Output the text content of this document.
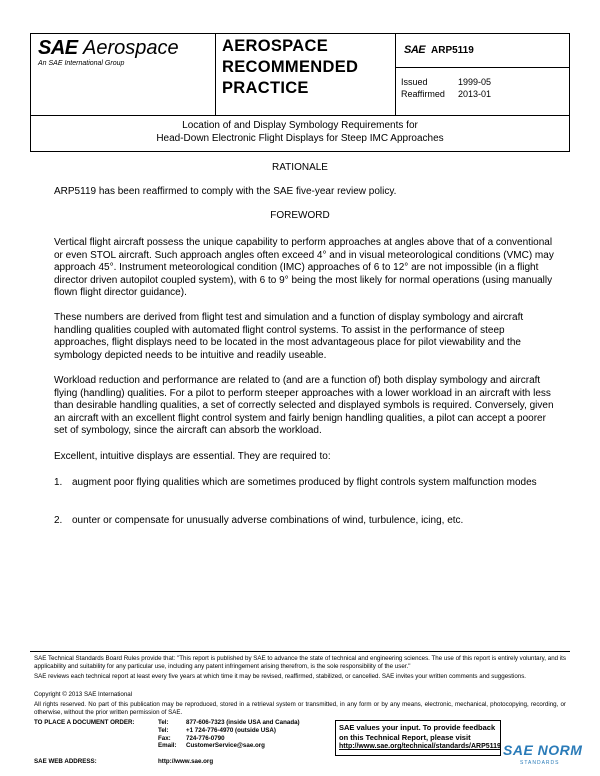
SAE Aerospace
An SAE International Group
AEROSPACE
RECOMMENDED
PRACTICE
SAE ARP5119
Issued	1999-05
Reaffirmed	2013-01
Location of and Display Symbology Requirements for
Head-Down Electronic Flight Displays for Steep IMC Approaches
RATIONALE
ARP5119 has been reaffirmed to comply with the SAE five-year review policy.
FOREWORD
Vertical flight aircraft possess the unique capability to perform approaches at angles above that of a conventional or even STOL aircraft. Such approach angles often exceed 4° and in visual meteorological conditions (VMC) may approach 45°. Instrument meteorological condition (IMC) approaches of 6 to 12° are not impossible (in a flight director driven autopilot coupled system), with 6 to 9° being the most likely for normal operations (using manually flown flight director guidance).
These numbers are derived from flight test and simulation and a function of display symbology and aircraft handling qualities coupled with automated flight control systems. To assist in the performance of steep approaches, flight displays need to be located in the most advantageous place for pilot viewability and the symbology depicted needs to be intuitive and readily useable.
Workload reduction and performance are related to (and are a function of) both display symbology and aircraft flying (handling) qualities. For a pilot to perform steeper approaches with a lower workload in an aircraft with less than desirable handling qualities, a set of correctly selected and displayed symbols is required. Conversely, given an aircraft with an excellent flight control system and fairly benign handling qualities, a pilot can accept a poorer set of symbology, since the aircraft can absorb the workload.
Excellent, intuitive displays are essential. They are required to:
1. augment poor flying qualities which are sometimes produced by flight controls system malfunction modes
2. ounter or compensate for unusually adverse combinations of wind, turbulence, icing, etc.
SAE Technical Standards Board Rules provide that: "This report is published by SAE to advance the state of technical and engineering sciences. The use of this report is entirely voluntary, and its applicability and suitability for any particular use, including any patent infringement arising therefrom, is the sole responsibility of the user."
SAE reviews each technical report at least every five years at which time it may be revised, reaffirmed, stabilized, or cancelled. SAE invites your written comments and suggestions.
Copyright © 2013 SAE International
All rights reserved. No part of this publication may be reproduced, stored in a retrieval system or transmitted, in any form or by any means, electronic, mechanical, photocopying, recording, or otherwise, without the prior written permission of SAE.
TO PLACE A DOCUMENT ORDER:	Tel:	877-606-7323 (inside USA and Canada)
Tel:	+1 724-776-4970 (outside USA)
Fax:	724-776-0790
Email:	CustomerService@sae.org
SAE WEB ADDRESS:	http://www.sae.org
SAE values your input. To provide feedback
on this Technical Report, please visit
http://www.sae.org/technical/standards/ARP5119 SAE NORM
STANDARDS
